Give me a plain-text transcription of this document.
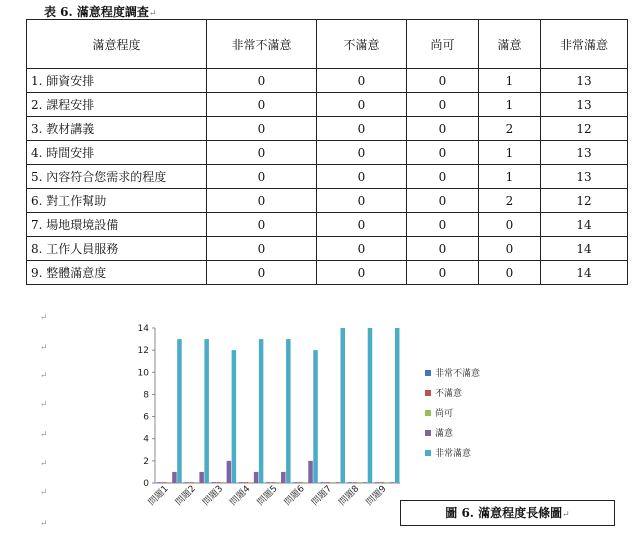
表 6. 滿意程度調查↵
滿意程度	非常不滿意	不滿意	尚可	滿意	非常滿意
1. 師資安排	0	0	0	1	13
2. 課程安排	0	0	0	1	13
3. 教材講義	0	0	0	2	12
4. 時間安排	0	0	0	1	13
5. 內容符合您需求的程度	0	0	0	1	13
6. 對工作幫助	0	0	0	2	12
7. 場地環境設備	0	0	0	0	14
8. 工作人員服務	0	0	0	0	14
9. 整體滿意度	0	0	0	0	14
↵
↵
↵
↵
↵
↵
↵
↵
0
2
4
6
8
10
12
14
問題1 問題2 問題3 問題4 問題5 問題6 問題7 問題8 問題9
非常不滿意
不滿意
尚可
滿意
非常滿意
圖 6. 滿意程度長條圖↵
